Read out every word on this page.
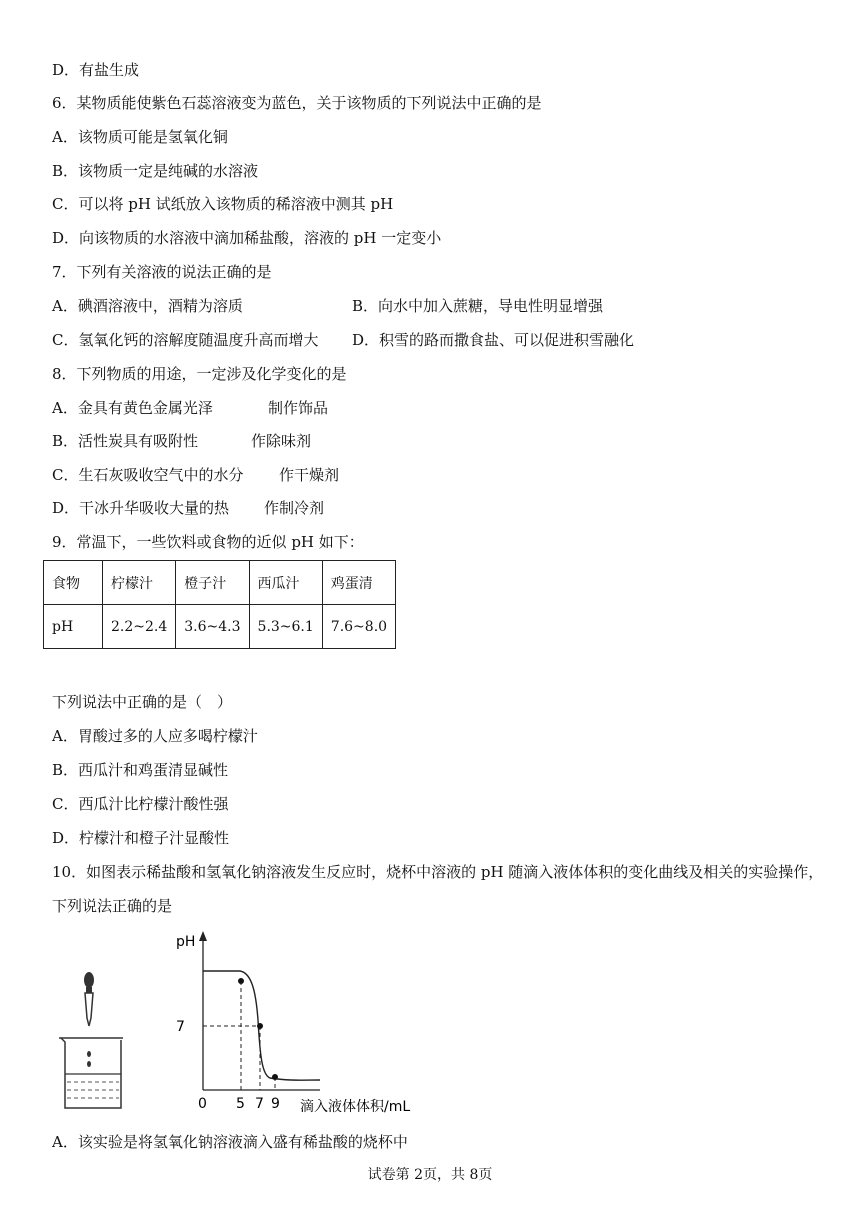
D．有盐生成
6．某物质能使紫色石蕊溶液变为蓝色，关于该物质的下列说法中正确的是
A．该物质可能是氢氧化铜
B．该物质一定是纯碱的水溶液
C．可以将 pH 试纸放入该物质的稀溶液中测其 pH
D．向该物质的水溶液中滴加稀盐酸，溶液的 pH 一定变小
7．下列有关溶液的说法正确的是
A．碘酒溶液中，酒精为溶质	B．向水中加入蔗糖，导电性明显增强
C．氢氧化钙的溶解度随温度升高而增大 D．积雪的路而撒食盐、可以促进积雪融化
8．下列物质的用途，一定涉及化学变化的是
A．金具有黄色金属光泽	制作饰品
B．活性炭具有吸附性	作除味剂
C．生石灰吸收空气中的水分 作干燥剂
D．干冰升华吸收大量的热 作制冷剂
9．常温下，一些饮料或食物的近似 pH 如下：
食物	柠檬汁	橙子汁	西瓜汁	鸡蛋清
pH	2.2~2.4	3.6~4.3	5.3~6.1	7.6~8.0
下列说法中正确的是（　）
A．胃酸过多的人应多喝柠檬汁
B．西瓜汁和鸡蛋清显碱性
C．西瓜汁比柠檬汁酸性强
D．柠檬汁和橙子汁显酸性
10．如图表示稀盐酸和氢氧化钠溶液发生反应时，烧杯中溶液的 pH 随滴入液体体积的变化曲线及相关的实验操作，
下列说法正确的是
pH
滴入液体体积/mL
7
0 5 7 9
A．该实验是将氢氧化钠溶液滴入盛有稀盐酸的烧杯中
试卷第 2页，共 8页
